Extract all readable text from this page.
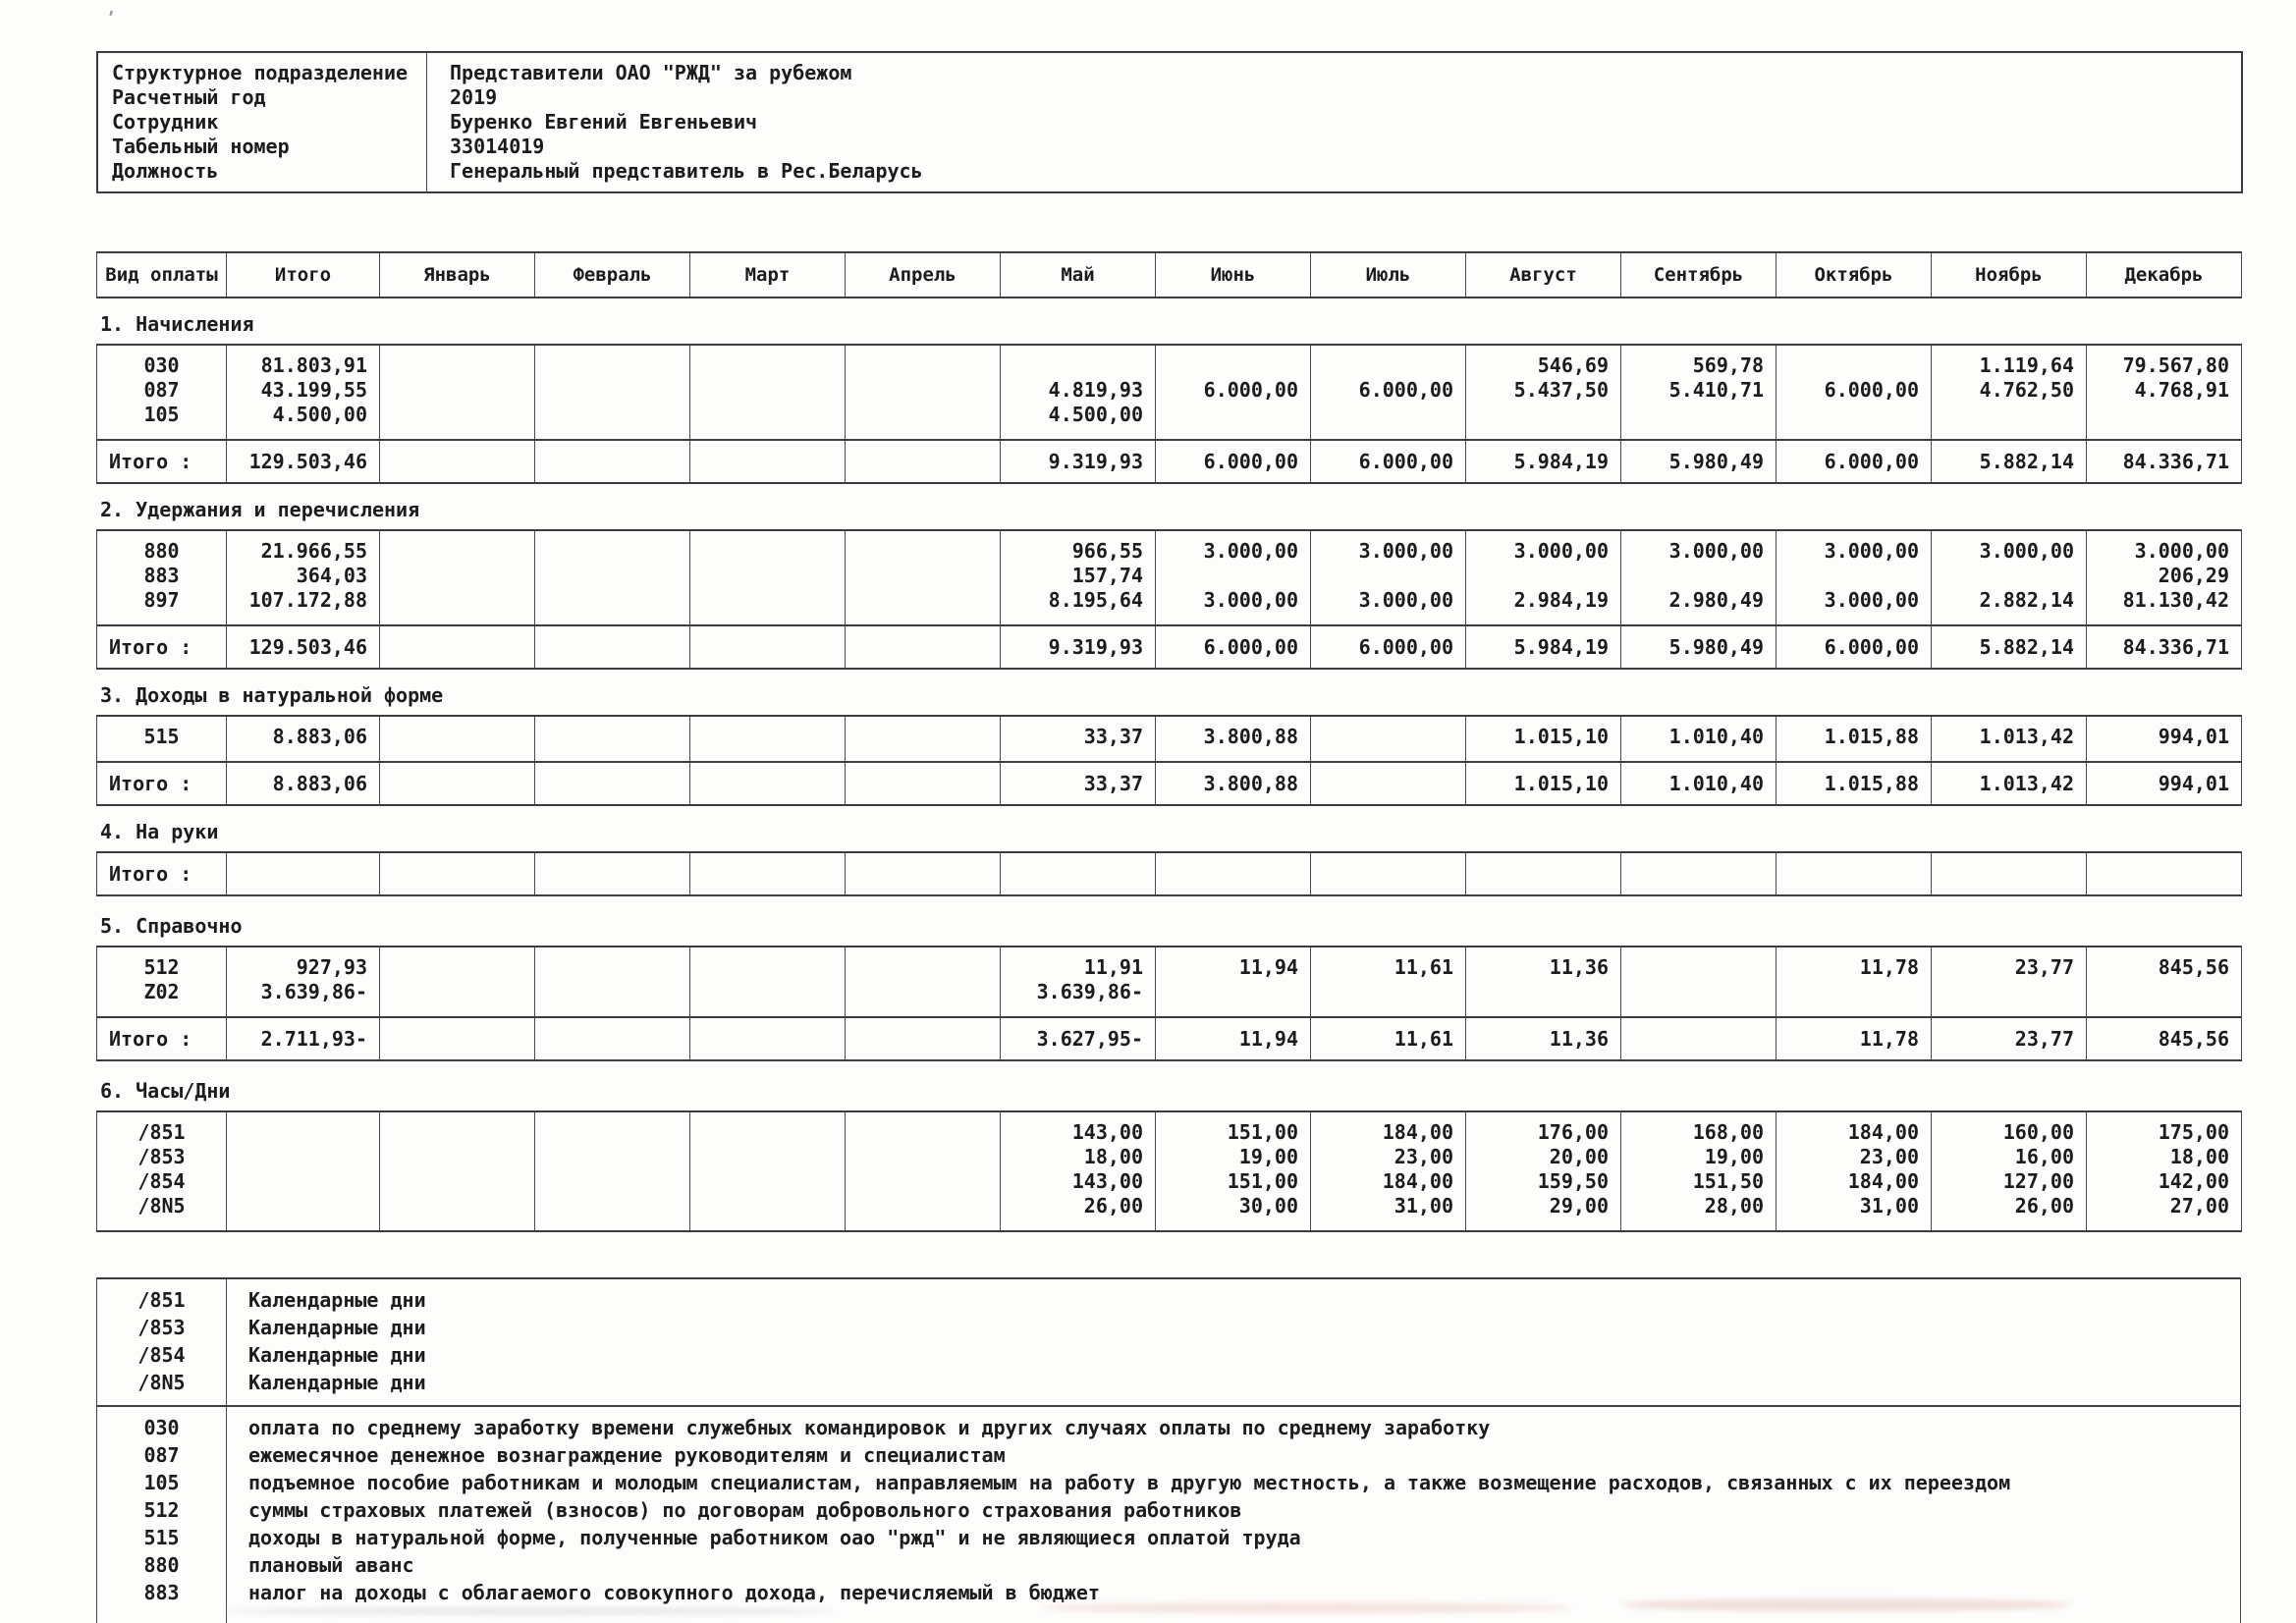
’
Структурное подразделение	Представители ОАО "РЖД" за рубежом
Расчетный год	2019
Сотрудник	Буренко Евгений Евгеньевич
Табельный номер	33014019
Должность	Генеральный представитель в Рес.Беларусь
Вид оплаты	Итого	Январь	Февраль	Март	Апрель	Май	Июнь	Июль	Август	Сентябрь	Октябрь	Ноябрь	Декабрь
1. Начисления
030	81.803,91								546,69	569,78		1.119,64	79.567,80
087	43.199,55					4.819,93	6.000,00	6.000,00	5.437,50	5.410,71	6.000,00	4.762,50	4.768,91
105	4.500,00					4.500,00							
Итого :	129.503,46					9.319,93	6.000,00	6.000,00	5.984,19	5.980,49	6.000,00	5.882,14	84.336,71
2. Удержания и перечисления
880	21.966,55					966,55	3.000,00	3.000,00	3.000,00	3.000,00	3.000,00	3.000,00	3.000,00
883	364,03					157,74							206,29
897	107.172,88					8.195,64	3.000,00	3.000,00	2.984,19	2.980,49	3.000,00	2.882,14	81.130,42
Итого :	129.503,46					9.319,93	6.000,00	6.000,00	5.984,19	5.980,49	6.000,00	5.882,14	84.336,71
3. Доходы в натуральной форме
515	8.883,06					33,37	3.800,88		1.015,10	1.010,40	1.015,88	1.013,42	994,01
Итого :	8.883,06					33,37	3.800,88		1.015,10	1.010,40	1.015,88	1.013,42	994,01
4. На руки
Итого :													
5. Справочно
512	927,93					11,91	11,94	11,61	11,36		11,78	23,77	845,56
Z02	3.639,86-					3.639,86-							
Итого :	2.711,93-					3.627,95-	11,94	11,61	11,36		11,78	23,77	845,56
6. Часы/Дни
/851						143,00	151,00	184,00	176,00	168,00	184,00	160,00	175,00
/853						18,00	19,00	23,00	20,00	19,00	23,00	16,00	18,00
/854						143,00	151,00	184,00	159,50	151,50	184,00	127,00	142,00
/8N5						26,00	30,00	31,00	29,00	28,00	31,00	26,00	27,00
/851	Календарные дни
/853	Календарные дни
/854	Календарные дни
/8N5	Календарные дни
030	оплата по среднему заработку времени служебных командировок и других случаях оплаты по среднему заработку
087	ежемесячное денежное вознаграждение руководителям и специалистам
105	подъемное пособие работникам и молодым специалистам, направляемым на работу в другую местность, а также возмещение расходов, связанных с их переездом
512	суммы страховых платежей (взносов) по договорам добровольного страхования работников
515	доходы в натуральной форме, полученные работником оао "ржд" и не являющиеся оплатой труда
880	плановый аванс
883	налог на доходы с облагаемого совокупного дохода, перечисляемый в бюджет
